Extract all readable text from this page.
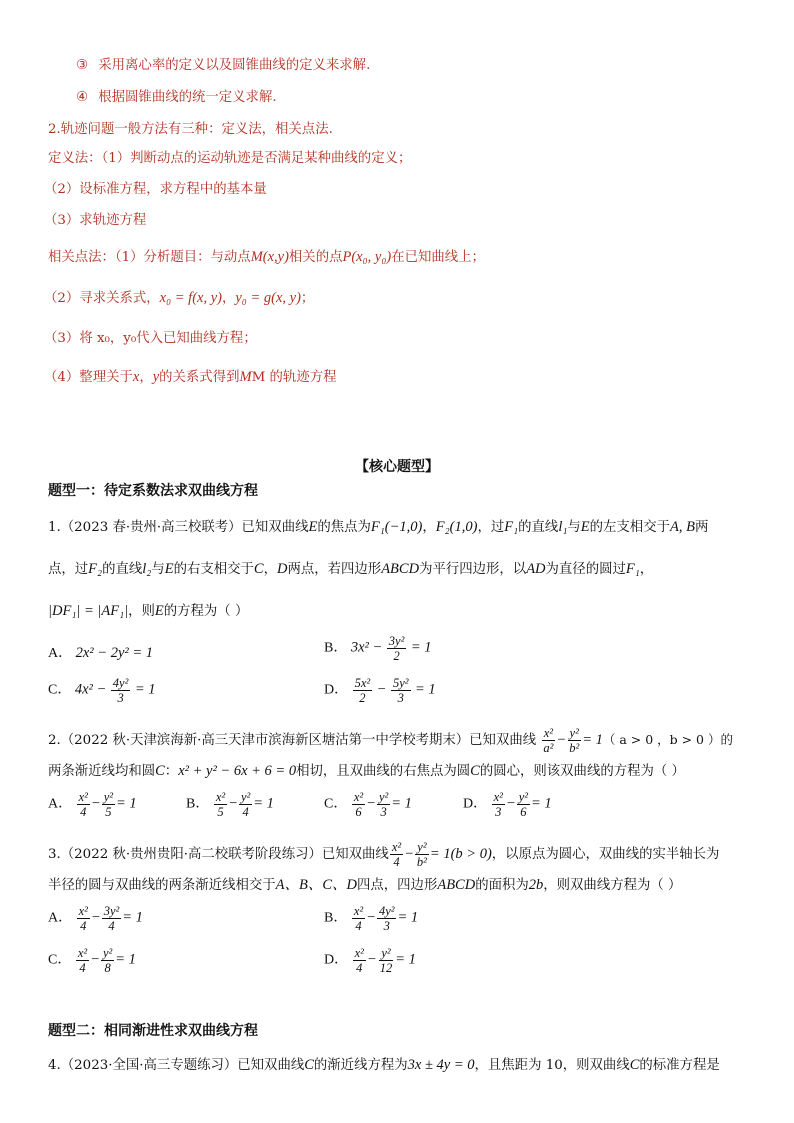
③ 采用离心率的定义以及圆锥曲线的定义来求解.
④ 根据圆锥曲线的统一定义求解.
2.轨迹问题一般方法有三种：定义法，相关点法.
定义法：（1）判断动点的运动轨迹是否满足某种曲线的定义；
（2）设标准方程，求方程中的基本量
（3）求轨迹方程
相关点法：（1）分析题目：与动点M(x,y)相关的点P(x₀, y₀)在已知曲线上；
（2）寻求关系式，x₀ = f(x, y)，y₀ = g(x, y)；
（3）将 x₀，y₀代入已知曲线方程；
（4）整理关于x，y的关系式得到MM 的轨迹方程
【核心题型】
题型一：待定系数法求双曲线方程
1.（2023 春·贵州·高三校联考）已知双曲线E的焦点为F₁(−1,0)，F₂(1,0)，过F₁的直线l₁与E的左支相交于A, B两
点，过F₂的直线l₂与E的右支相交于C，D两点，若四边形ABCD为平行四边形，以AD为直径的圆过F₁，
|DF₁| = |AF₁|，则E的方程为（ ）
A． 2x² − 2y² = 1	B． $3x^2 - \frac{\text{3y²}}{2} = 1$
C． $4x^2 - \frac{\text{4y²}}{3} = 1$	D． $\frac{\text{5x²}}{2} - \frac{\text{5y²}}{3} = 1$
2.（2022 秋·天津滨海新·高三天津市滨海新区塘沽第一中学校考期末）已知双曲线 $\frac{\text{x²}}{\text{a²}} - \frac{\text{y²}}{\text{b²}} = 1$（ a > 0 ，b > 0 ）的
两条渐近线均和圆C：x² + y² − 6x + 6 = 0相切，且双曲线的右焦点为圆C的圆心，则该双曲线的方程为（ ）
A． $\frac{\text{x²}}{4} - \frac{\text{y²}}{5} = 1$	B． $\frac{\text{x²}}{5} - \frac{\text{y²}}{4} = 1$	C． $\frac{\text{x²}}{6} - \frac{\text{y²}}{3} = 1$	D． $\frac{\text{x²}}{3} - \frac{\text{y²}}{6} = 1$
3.（2022 秋·贵州贵阳·高二校联考阶段练习）已知双曲线 $\frac{\text{x²}}{4} - \frac{\text{y²}}{\text{b²}} = 1(b > 0)$，以原点为圆心，双曲线的实半轴长为
半径的圆与双曲线的两条渐近线相交于A、B、C、D四点，四边形ABCD的面积为2b，则双曲线方程为（ ）
A． $\frac{\text{x²}}{4} - \frac{\text{3y²}}{4} = 1$	B． $\frac{\text{x²}}{4} - \frac{\text{4y²}}{3} = 1$
C． $\frac{\text{x²}}{4} - \frac{\text{y²}}{8} = 1$	D． $\frac{\text{x²}}{4} - \frac{\text{y²}}{12} = 1$
题型二：相同渐进性求双曲线方程
4.（2023·全国·高三专题练习）已知双曲线C的渐近线方程为3x ± 4y = 0，且焦距为 10，则双曲线C的标准方程是
